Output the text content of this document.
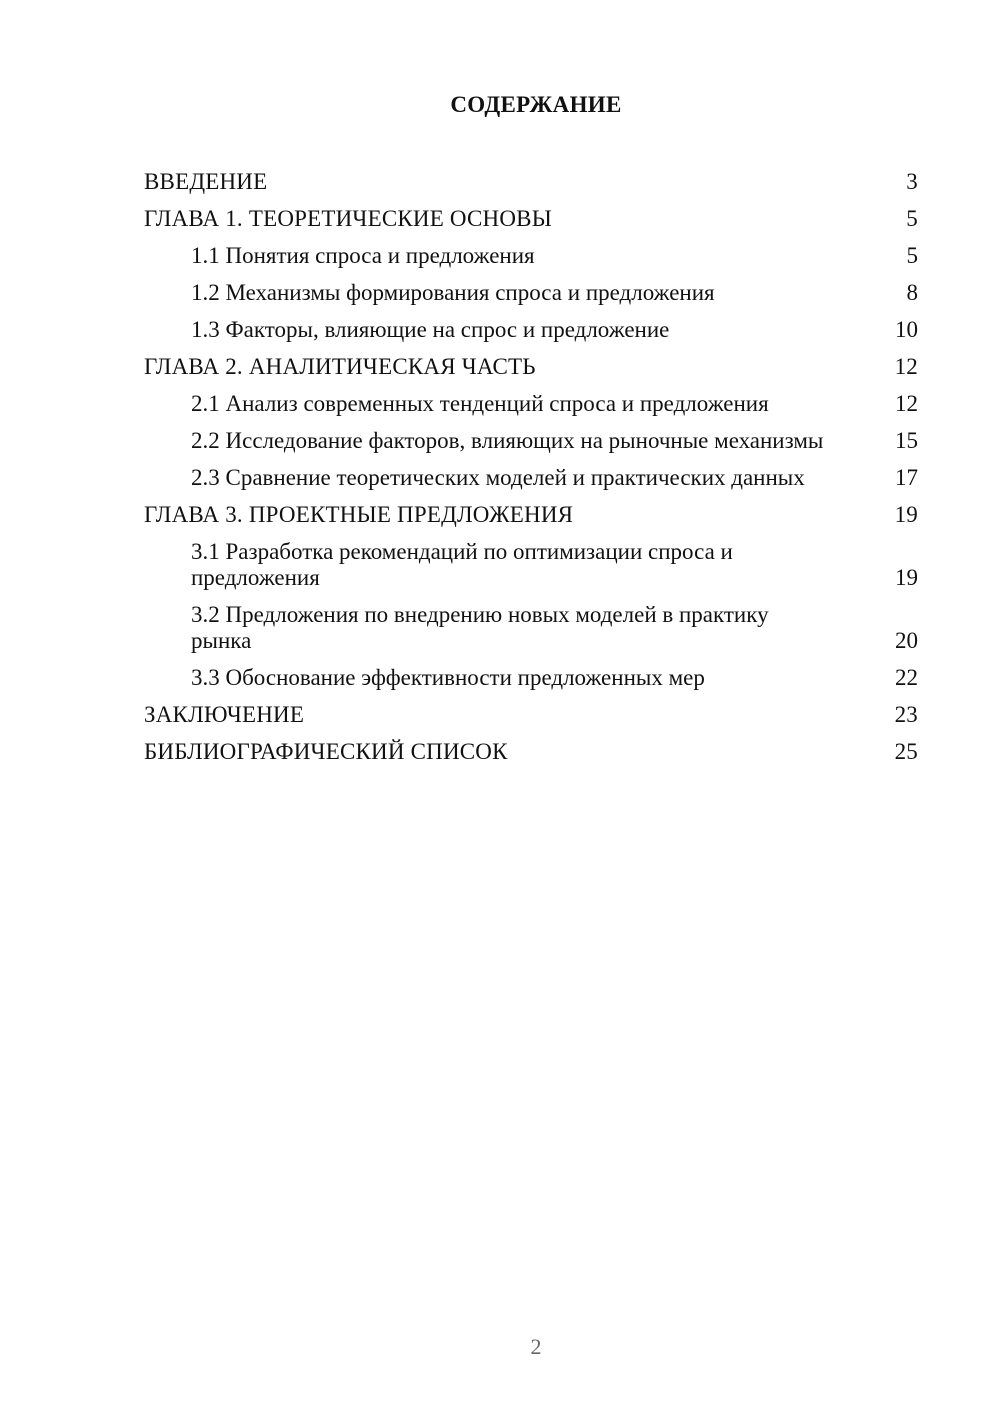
СОДЕРЖАНИЕ
ВВЕДЕНИЕ	3
ГЛАВА 1. ТЕОРЕТИЧЕСКИЕ ОСНОВЫ	5
1.1 Понятия спроса и предложения	5
1.2 Механизмы формирования спроса и предложения	8
1.3 Факторы, влияющие на спрос и предложение	10
ГЛАВА 2. АНАЛИТИЧЕСКАЯ ЧАСТЬ	12
2.1 Анализ современных тенденций спроса и предложения	12
2.2 Исследование факторов, влияющих на рыночные механизмы	15
2.3 Сравнение теоретических моделей и практических данных	17
ГЛАВА 3. ПРОЕКТНЫЕ ПРЕДЛОЖЕНИЯ	19
3.1 Разработка рекомендаций по оптимизации спроса и предложения	19
3.2 Предложения по внедрению новых моделей в практику рынка	20
3.3 Обоснование эффективности предложенных мер	22
ЗАКЛЮЧЕНИЕ	23
БИБЛИОГРАФИЧЕСКИЙ СПИСОК	25
2
